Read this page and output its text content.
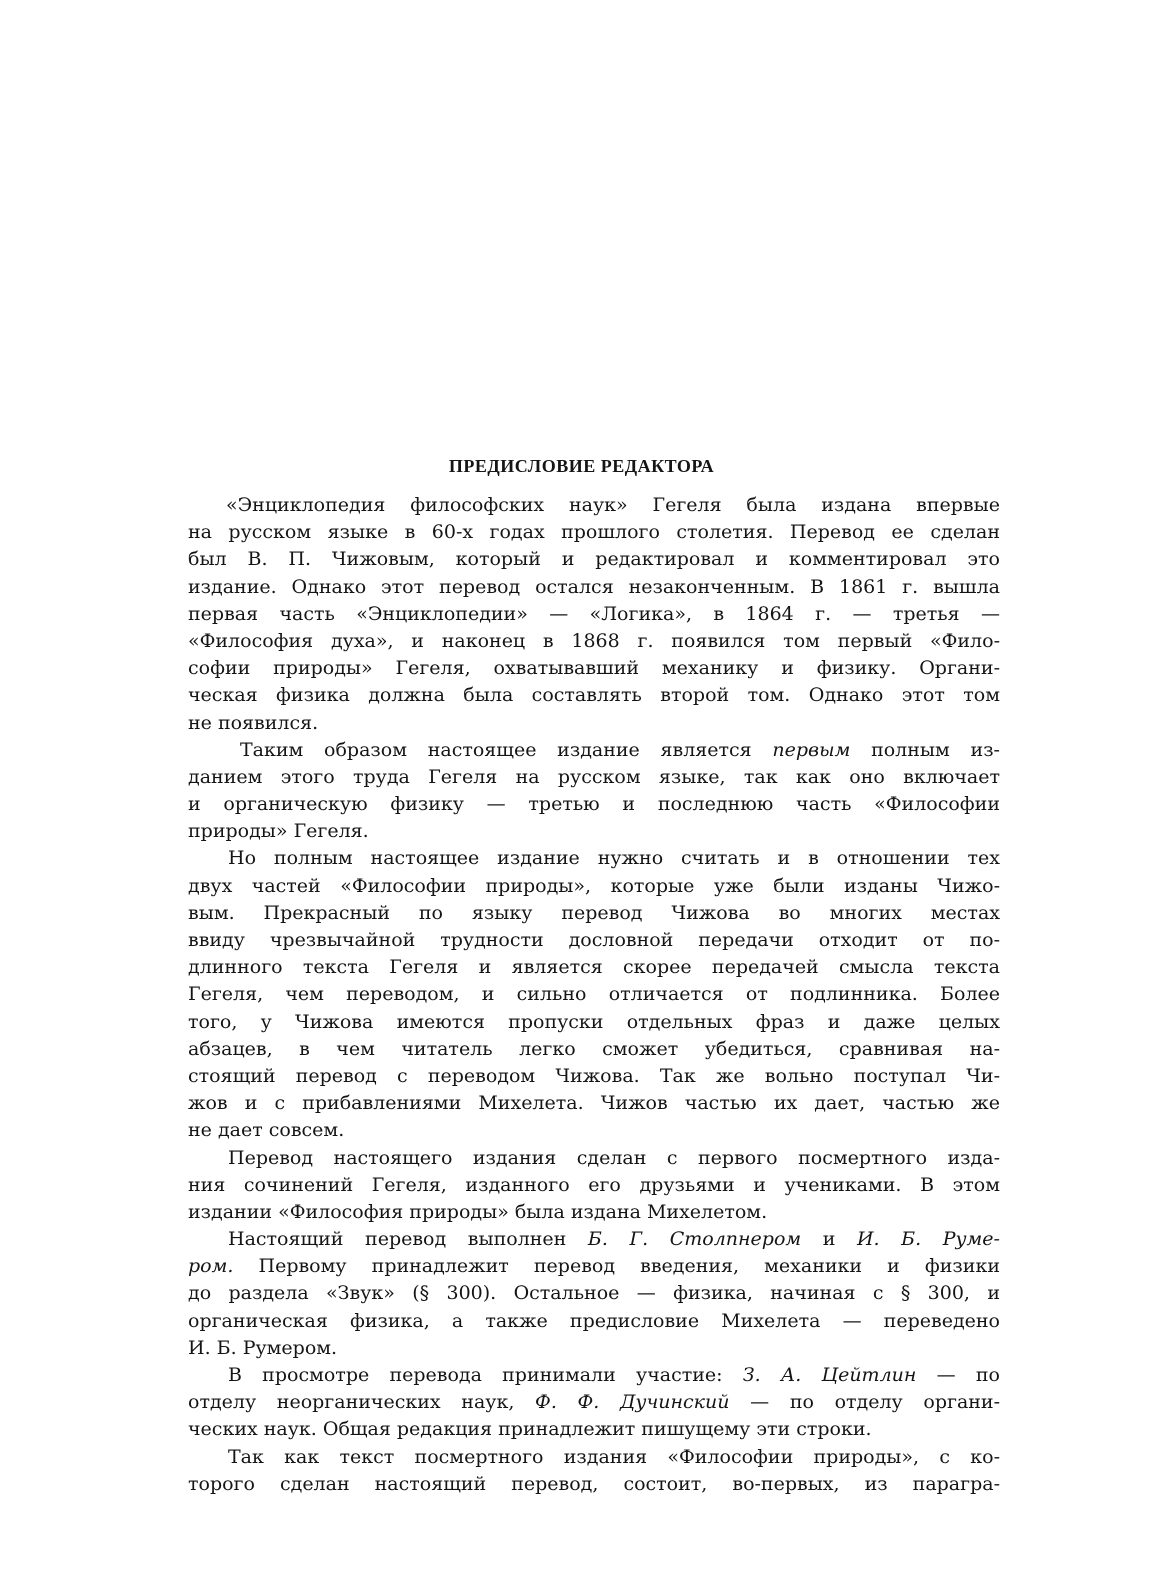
ПРЕДИСЛОВИЕ РЕДАКТОРА
«Энциклопедия философских наук» Гегеля была издана впервые
на русском языке в 60-х годах прошлого столетия. Перевод ее сделан
был В. П. Чижовым, который и редактировал и комментировал это
издание. Однако этот перевод остался незаконченным. В 1861 г. вышла
первая часть «Энциклопедии» — «Логика», в 1864 г. — третья —
«Философия духа», и наконец в 1868 г. появился том первый «Фило-
софии природы» Гегеля, охватывавший механику и физику. Органи-
ческая физика должна была составлять второй том. Однако этот том
не появился.
Таким образом настоящее издание является первым полным из-
данием этого труда Гегеля на русском языке, так как оно включает
и органическую физику — третью и последнюю часть «Философии
природы» Гегеля.
Но полным настоящее издание нужно считать и в отношении тех
двух частей «Философии природы», которые уже были изданы Чижо-
вым. Прекрасный по языку перевод Чижова во многих местах
ввиду чрезвычайной трудности дословной передачи отходит от по-
длинного текста Гегеля и является скорее передачей смысла текста
Гегеля, чем переводом, и сильно отличается от подлинника. Более
того, у Чижова имеются пропуски отдельных фраз и даже целых
абзацев, в чем читатель легко сможет убедиться, сравнивая на-
стоящий перевод с переводом Чижова. Так же вольно поступал Чи-
жов и с прибавлениями Михелета. Чижов частью их дает, частью же
не дает совсем.
Перевод настоящего издания сделан с первого посмертного изда-
ния сочинений Гегеля, изданного его друзьями и учениками. В этом
издании «Философия природы» была издана Михелетом.
Настоящий перевод выполнен Б. Г. Столпнером и И. Б. Руме-
ром. Первому принадлежит перевод введения, механики и физики
до раздела «Звук» (§ 300). Остальное — физика, начиная с § 300, и
органическая физика, а также предисловие Михелета — переведено
И. Б. Румером.
В просмотре перевода принимали участие: З. А. Цейтлин — по
отделу неорганических наук, Ф. Ф. Дучинский — по отделу органи-
ческих наук. Общая редакция принадлежит пишущему эти строки.
Так как текст посмертного издания «Философии природы», с ко-
торого сделан настоящий перевод, состоит, во-первых, из парагра-
